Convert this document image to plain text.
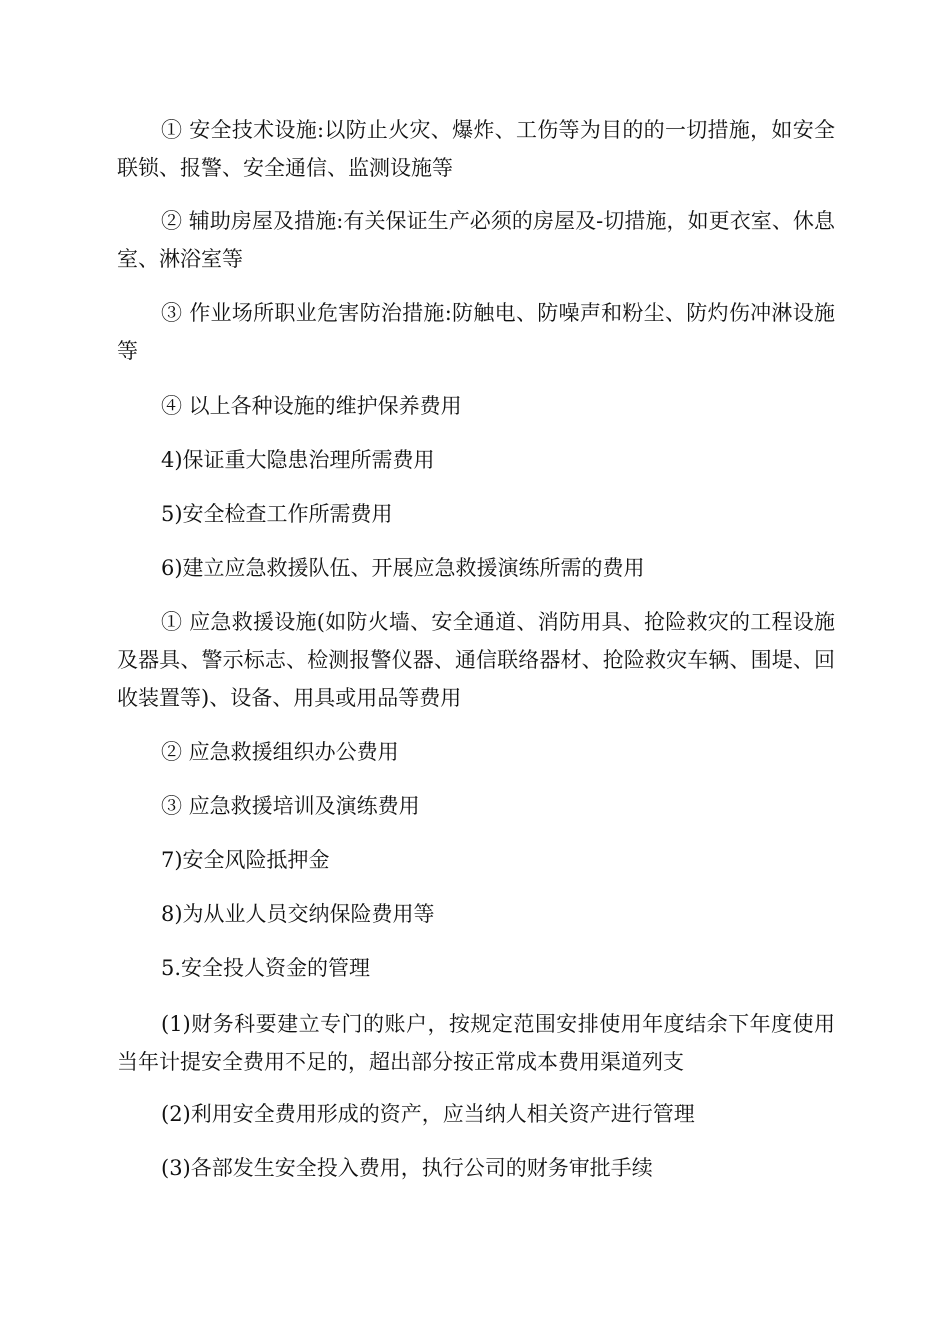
① 安全技术设施:以防止火灾、爆炸、工伤等为目的的一切措施，如安全联锁、报警、安全通信、监测设施等

② 辅助房屋及措施:有关保证生产必须的房屋及-切措施，如更衣室、休息室、淋浴室等

③ 作业场所职业危害防治措施:防触电、防噪声和粉尘、防灼伤冲淋设施等

④ 以上各种设施的维护保养费用

4)保证重大隐患治理所需费用

5)安全检查工作所需费用

6)建立应急救援队伍、开展应急救援演练所需的费用

① 应急救援设施(如防火墙、安全通道、消防用具、抢险救灾的工程设施及器具、警示标志、检测报警仪器、通信联络器材、抢险救灾车辆、围堤、回收装置等)、设备、用具或用品等费用

② 应急救援组织办公费用

③ 应急救援培训及演练费用

7)安全风险抵押金

8)为从业人员交纳保险费用等

5.安全投人资金的管理

(1)财务科要建立专门的账户，按规定范围安排使用年度结余下年度使用当年计提安全费用不足的，超出部分按正常成本费用渠道列支

(2)利用安全费用形成的资产，应当纳人相关资产进行管理

(3)各部发生安全投入费用，执行公司的财务审批手续
